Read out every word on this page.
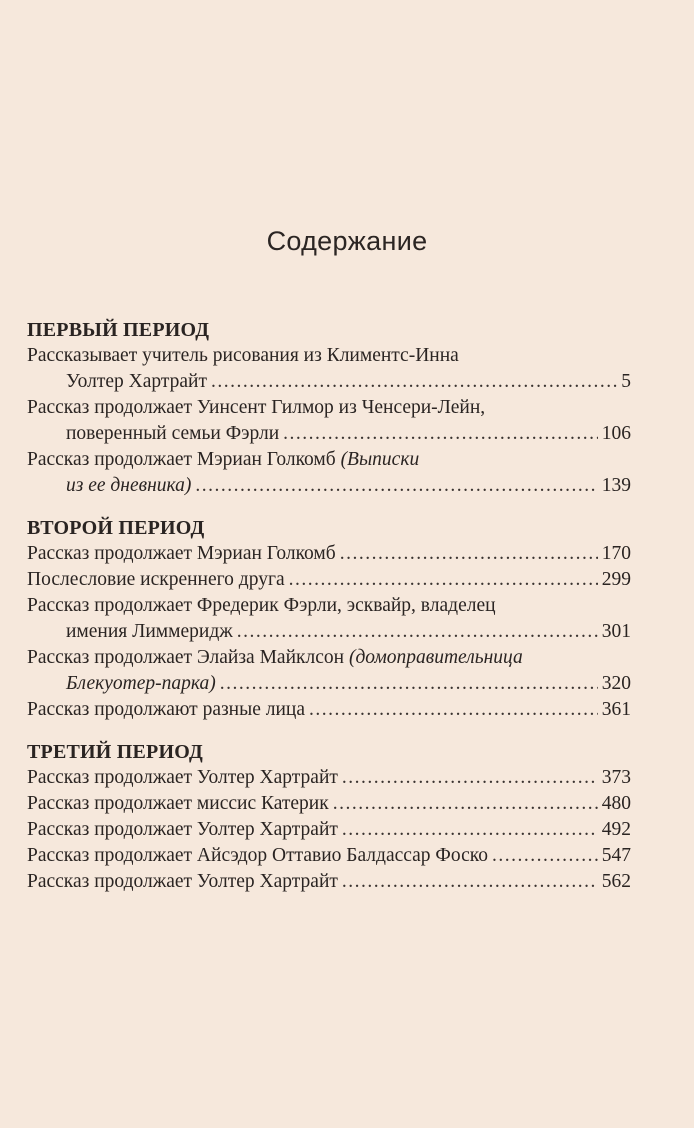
Содержание
ПЕРВЫЙ ПЕРИОД
Рассказывает учитель рисования из Климентс-Инна
Уолтер Хартрайт .....	5
Рассказ продолжает Уинсент Гилмор из Ченсери-Лейн,
поверенный семьи Фэрли .....	106
Рассказ продолжает Мэриан Голкомб (Выписки
из ее дневника) .....	139
ВТОРОЙ ПЕРИОД
Рассказ продолжает Мэриан Голкомб .....	170
Послесловие искреннего друга .....	299
Рассказ продолжает Фредерик Фэрли, эсквайр, владелец
имения Лиммеридж .....	301
Рассказ продолжает Элайза Майклсон (домоправительница
Блекуотер-парка) .....	320
Рассказ продолжают разные лица .....	361
ТРЕТИЙ ПЕРИОД
Рассказ продолжает Уолтер Хартрайт .....	373
Рассказ продолжает миссис Катерик .....	480
Рассказ продолжает Уолтер Хартрайт .....	492
Рассказ продолжает Айсэдор Оттавио Балдассар Фоско .....	547
Рассказ продолжает Уолтер Хартрайт .....	562
